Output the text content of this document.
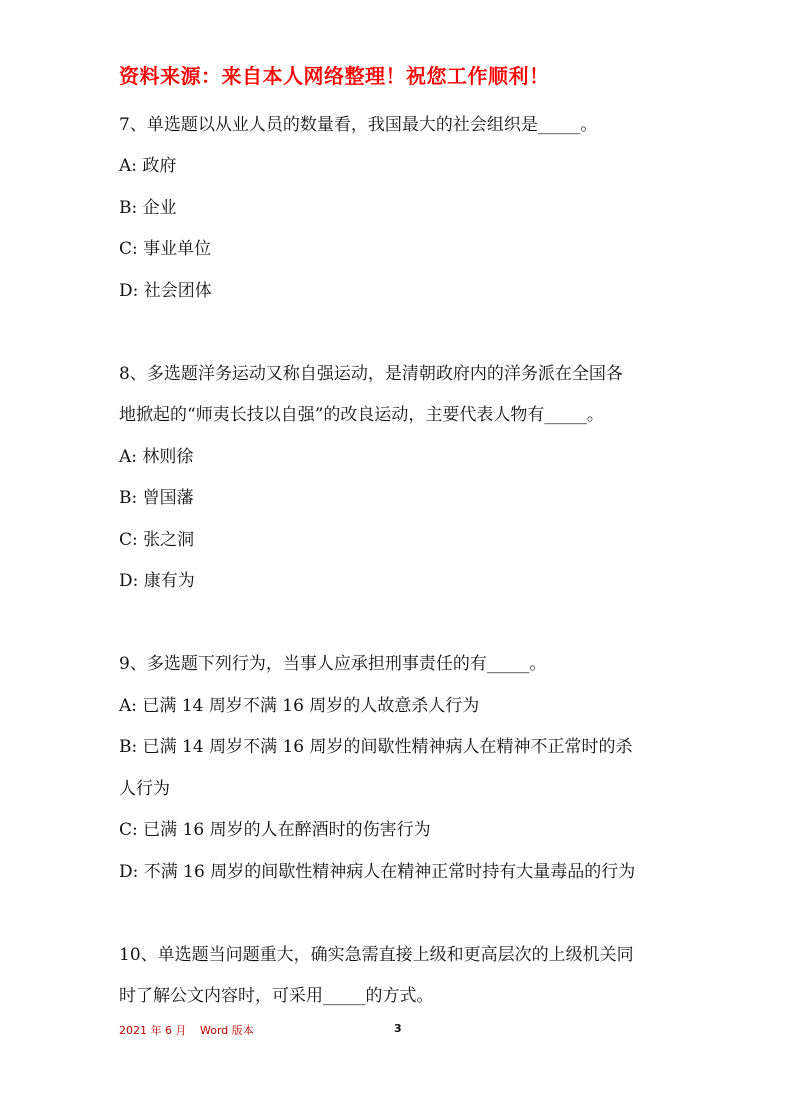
资料来源：来自本人网络整理！祝您工作顺利！
7、单选题以从业人员的数量看，我国最大的社会组织是_____。
A: 政府
B: 企业
C: 事业单位
D: 社会团体
8、多选题洋务运动又称自强运动，是清朝政府内的洋务派在全国各
地掀起的“师夷长技以自强”的改良运动，主要代表人物有_____。
A: 林则徐
B: 曾国藩
C: 张之洞
D: 康有为
9、多选题下列行为，当事人应承担刑事责任的有_____。
A: 已满 14 周岁不满 16 周岁的人故意杀人行为
B: 已满 14 周岁不满 16 周岁的间歇性精神病人在精神不正常时的杀
人行为
C: 已满 16 周岁的人在醉酒时的伤害行为
D: 不满 16 周岁的间歇性精神病人在精神正常时持有大量毒品的行为
10、单选题当问题重大，确实急需直接上级和更高层次的上级机关同
时了解公文内容时，可采用_____的方式。
2021 年 6 月 Word 版本	3
